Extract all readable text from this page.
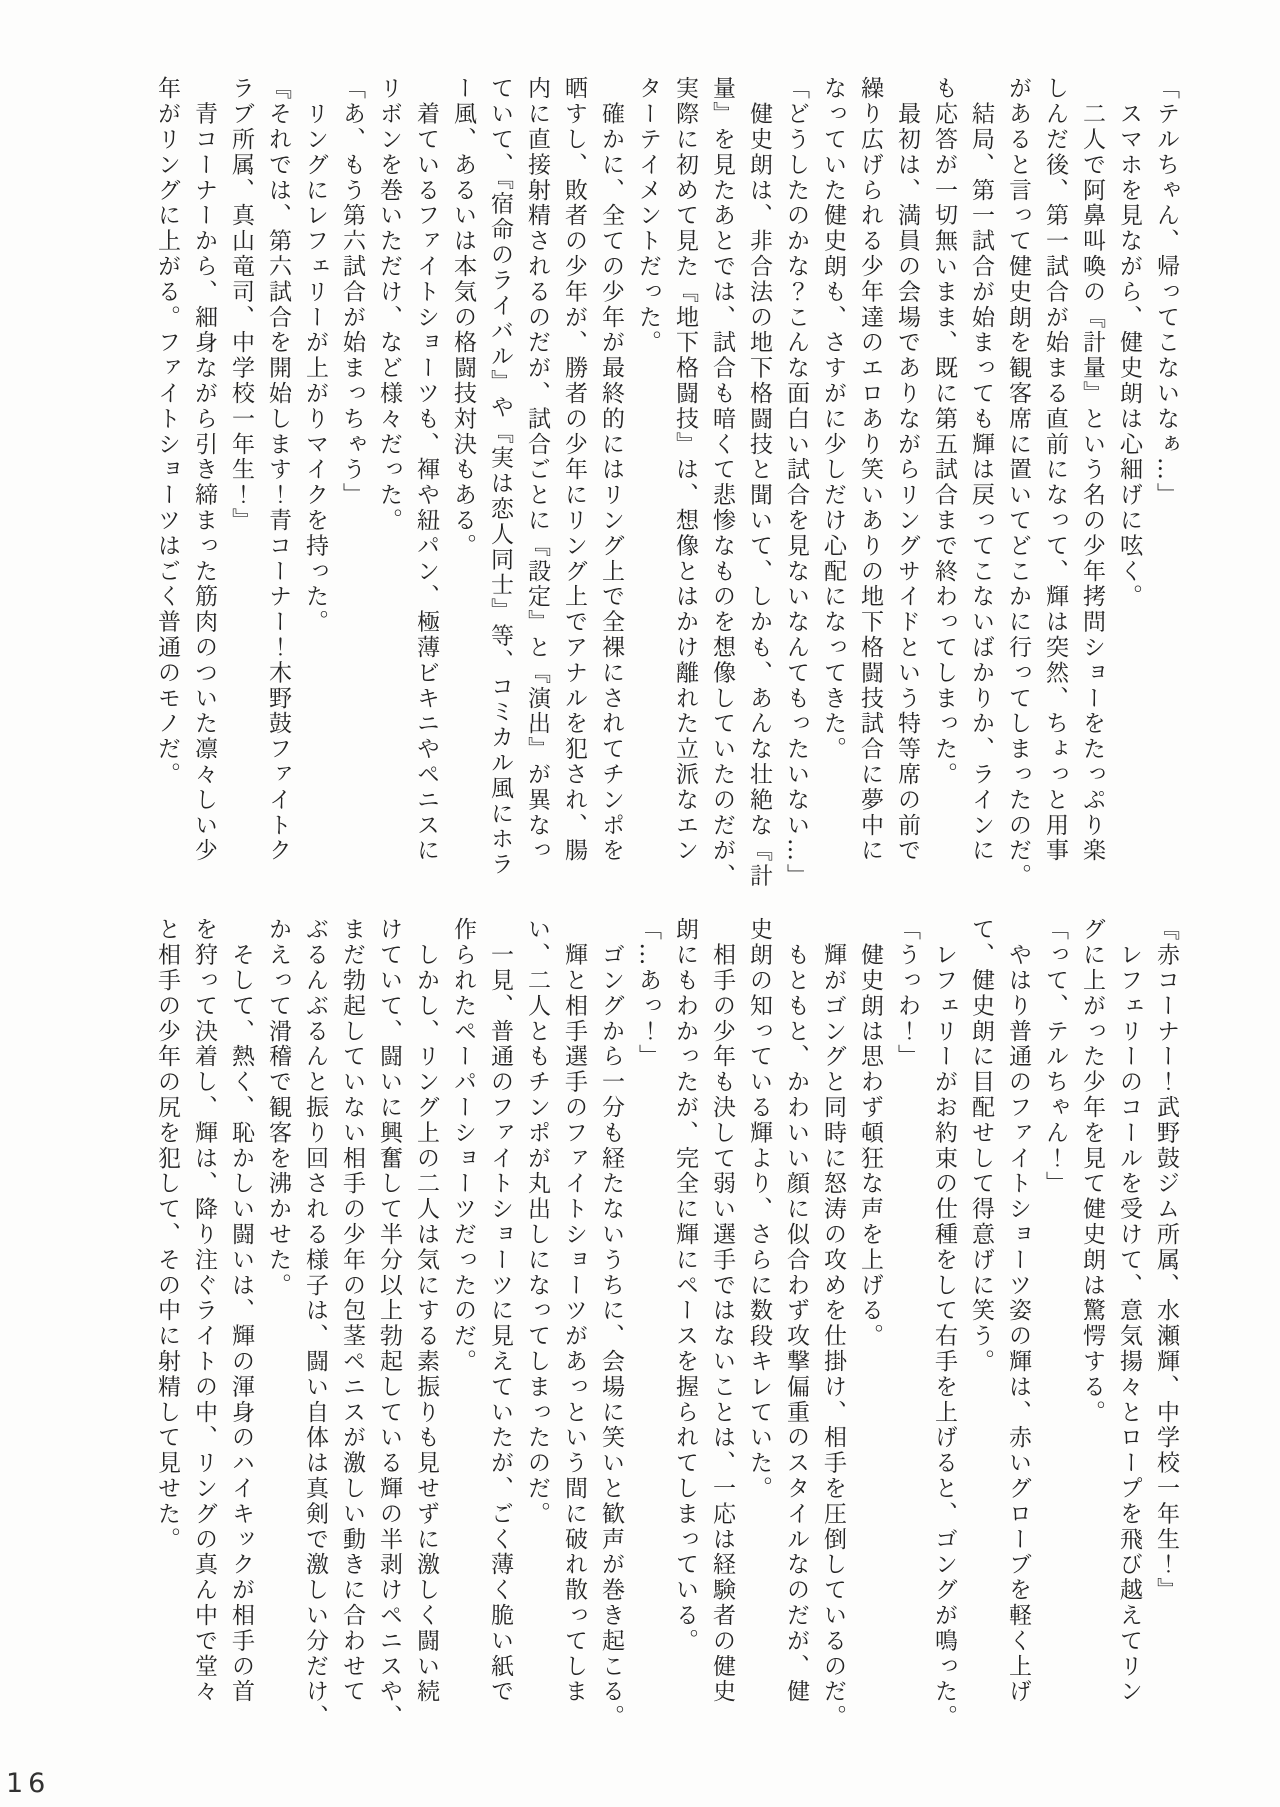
「テルちゃん、帰ってこないなぁ…」
　スマホを見ながら、健史朗は心細げに呟く。
　二人で阿鼻叫喚の『計量』という名の少年拷問ショーをたっぷり楽
しんだ後、第一試合が始まる直前になって、輝は突然、ちょっと用事
があると言って健史朗を観客席に置いてどこかに行ってしまったのだ。
　結局、第一試合が始まっても輝は戻ってこないばかりか、ラインに
も応答が一切無いまま、既に第五試合まで終わってしまった。
　最初は、満員の会場でありながらリングサイドという特等席の前で
繰り広げられる少年達のエロあり笑いありの地下格闘技試合に夢中に
なっていた健史朗も、さすがに少しだけ心配になってきた。
「どうしたのかな？こんな面白い試合を見ないなんてもったいない…」
　健史朗は、非合法の地下格闘技と聞いて、しかも、あんな壮絶な『計
量』を見たあとでは、試合も暗くて悲惨なものを想像していたのだが、
実際に初めて見た『地下格闘技』は、想像とはかけ離れた立派なエン
ターテイメントだった。
　確かに、全ての少年が最終的にはリング上で全裸にされてチンポを
晒すし、敗者の少年が、勝者の少年にリング上でアナルを犯され、腸
内に直接射精されるのだが、試合ごとに『設定』と『演出』が異なっ
ていて、『宿命のライバル』や『実は恋人同士』等、コミカル風にホラ
ー風、あるいは本気の格闘技対決もある。
　着ているファイトショーツも、褌や紐パン、極薄ビキニやペニスに
リボンを巻いただけ、など様々だった。
「あ、もう第六試合が始まっちゃう」
　リングにレフェリーが上がりマイクを持った。
『それでは、第六試合を開始します！青コーナー！木野鼓ファイトク
ラブ所属、真山竜司、中学校一年生！』
　青コーナーから、細身ながら引き締まった筋肉のついた凛々しい少
年がリングに上がる。ファイトショーツはごく普通のモノだ。
『赤コーナー！武野鼓ジム所属、水瀬輝、中学校一年生！』
　レフェリーのコールを受けて、意気揚々とロープを飛び越えてリン
グに上がった少年を見て健史朗は驚愕する。
「って、テルちゃん！」
　やはり普通のファイトショーツ姿の輝は、赤いグローブを軽く上げ
て、健史朗に目配せして得意げに笑う。
　レフェリーがお約束の仕種をして右手を上げると、ゴングが鳴った。
「うっわ！」
　健史朗は思わず頓狂な声を上げる。
　輝がゴングと同時に怒涛の攻めを仕掛け、相手を圧倒しているのだ。
　もともと、かわいい顔に似合わず攻撃偏重のスタイルなのだが、健
史朗の知っている輝より、さらに数段キレていた。
　相手の少年も決して弱い選手ではないことは、一応は経験者の健史
朗にもわかったが、完全に輝にペースを握られてしまっている。
「…あっ！」
　ゴングから一分も経たないうちに、会場に笑いと歓声が巻き起こる。
　輝と相手選手のファイトショーツがあっという間に破れ散ってしま
い、二人ともチンポが丸出しになってしまったのだ。
　一見、普通のファイトショーツに見えていたが、ごく薄く脆い紙で
作られたペーパーショーツだったのだ。
　しかし、リング上の二人は気にする素振りも見せずに激しく闘い続
けていて、闘いに興奮して半分以上勃起している輝の半剥けペニスや、
まだ勃起していない相手の少年の包茎ペニスが激しい動きに合わせて
ぶるんぶるんと振り回される様子は、闘い自体は真剣で激しい分だけ、
かえって滑稽で観客を沸かせた。
　そして、熱く、恥かしい闘いは、輝の渾身のハイキックが相手の首
を狩って決着し、輝は、降り注ぐライトの中、リングの真ん中で堂々
と相手の少年の尻を犯して、その中に射精して見せた。
16
